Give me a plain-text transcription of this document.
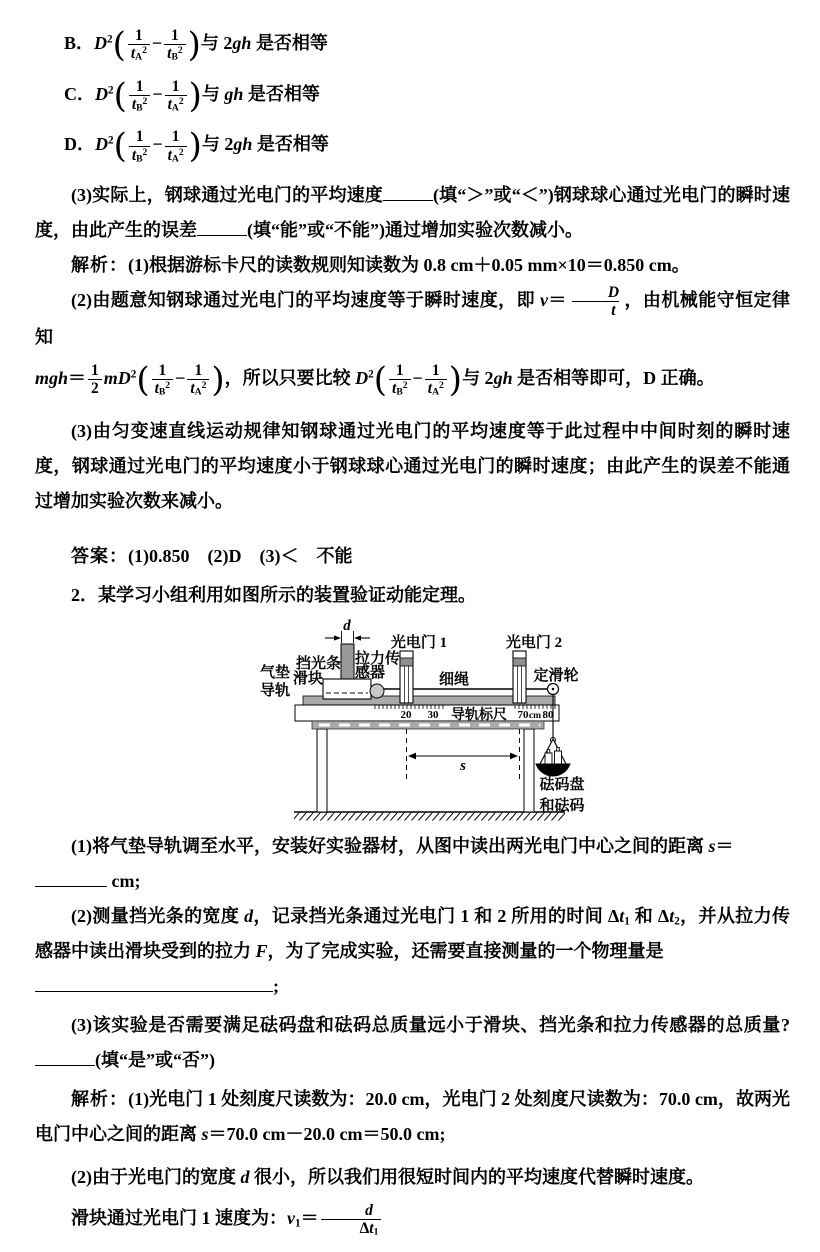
B．$D^2( \frac{1}{tA^2} - \frac{1}{tB^2}$ )与 2gh 是否相等

C．$D^2( \frac{1}{tB^2} - \frac{1}{tA^2}$ )与 gh 是否相等

D．$D^2( \frac{1}{tB^2} - \frac{1}{tA^2}$ )与 2gh 是否相等

(3)实际上，钢球通过光电门的平均速度	(填“＞”或“＜”)钢球球心通过光电门的瞬时速度，由此产生的误差	(填“能”或“不能”)通过增加实验次数减小。

解析：(1)根据游标卡尺的读数规则知读数为 0.8 cm＋0.05 mm×10＝0.850 cm。

(2)由题意知钢球通过光电门的平均速度等于瞬时速度，即 $v= \frac{D}{t}$ ，由机械能守恒定律知

$mgh= \frac{1}{2} mD^2( \frac{1}{tB^2} - \frac{1}{tA^2}$ )，所以只要比较 $D^2( \frac{1}{tB^2} - \frac{1}{tA^2}$ )与 2gh 是否相等即可，D 正确。

(3)由匀变速直线运动规律知钢球通过光电门的平均速度等于此过程中中间时刻的瞬时速度，钢球通过光电门的平均速度小于钢球球心通过光电门的瞬时速度；由此产生的误差不能通过增加实验次数来减小。

答案：(1)0.850　(2)D　(3)＜　不能

2．某学习小组利用如图所示的装置验证动能定理。

20 30 导轨标尺 70 cm 80
气垫
导轨
d
挡光条
滑块
拉力传
感器	细绳	定滑轮
光电门 1	光电门 2
s
砝码盘
和砝码

(1)将气垫导轨调至水平，安装好实验器材，从图中读出两光电门中心之间的距离 s＝

cm;

(2)测量挡光条的宽度 d，记录挡光条通过光电门 1 和 2 所用的时间 $\Delta t_1$ 和 $\Delta t_2$，并从拉力传感器中读出滑块受到的拉力 F，为了完成实验，还需要直接测量的一个物理量是

;

(3)该实验是否需要满足砝码盘和砝码总质量远小于滑块、挡光条和拉力传感器的总质量? (填“是”或“否”)

解析：(1)光电门 1 处刻度尺读数为：20.0 cm，光电门 2 处刻度尺读数为：70.0 cm，故两光电门中心之间的距离 s＝70.0 cm－20.0 cm＝50.0 cm;

(2)由于光电门的宽度 d 很小，所以我们用很短时间内的平均速度代替瞬时速度。

滑块通过光电门 1 速度为：$v_1= \frac{d}{\Delta t1}$
